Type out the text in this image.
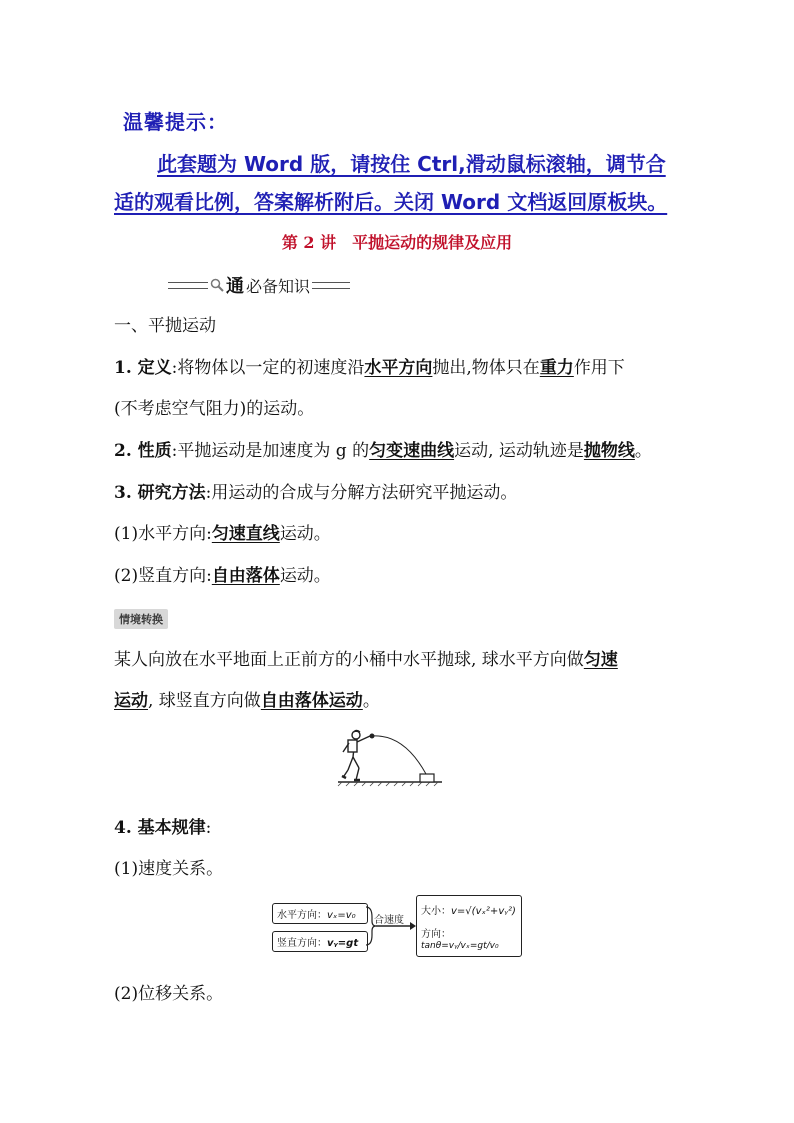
温馨提示：
此套题为 Word 版，请按住 Ctrl,滑动鼠标滚轴，调节合
适的观看比例，答案解析附后。关闭 Word 文档返回原板块。
第 2 讲　平抛运动的规律及应用
通 必备知识
一、平抛运动
1. 定义:将物体以一定的初速度沿水平方向抛出,物体只在重力作用下
(不考虑空气阻力)的运动。
2. 性质:平抛运动是加速度为 g 的匀变速曲线运动, 运动轨迹是抛物线。
3. 研究方法:用运动的合成与分解方法研究平抛运动。
(1)水平方向:匀速直线运动。
(2)竖直方向:自由落体运动。
情境转换
某人向放在水平地面上正前方的小桶中水平抛球, 球水平方向做匀速
运动, 球竖直方向做自由落体运动。
4. 基本规律:
(1)速度关系。
水平方向：vₓ=v₀
竖直方向：vᵧ=gt
合速度
大小：v=√(vₓ²+vᵧ²)
方向：tanθ=vᵧ/vₓ=gt/v₀
(2)位移关系。
